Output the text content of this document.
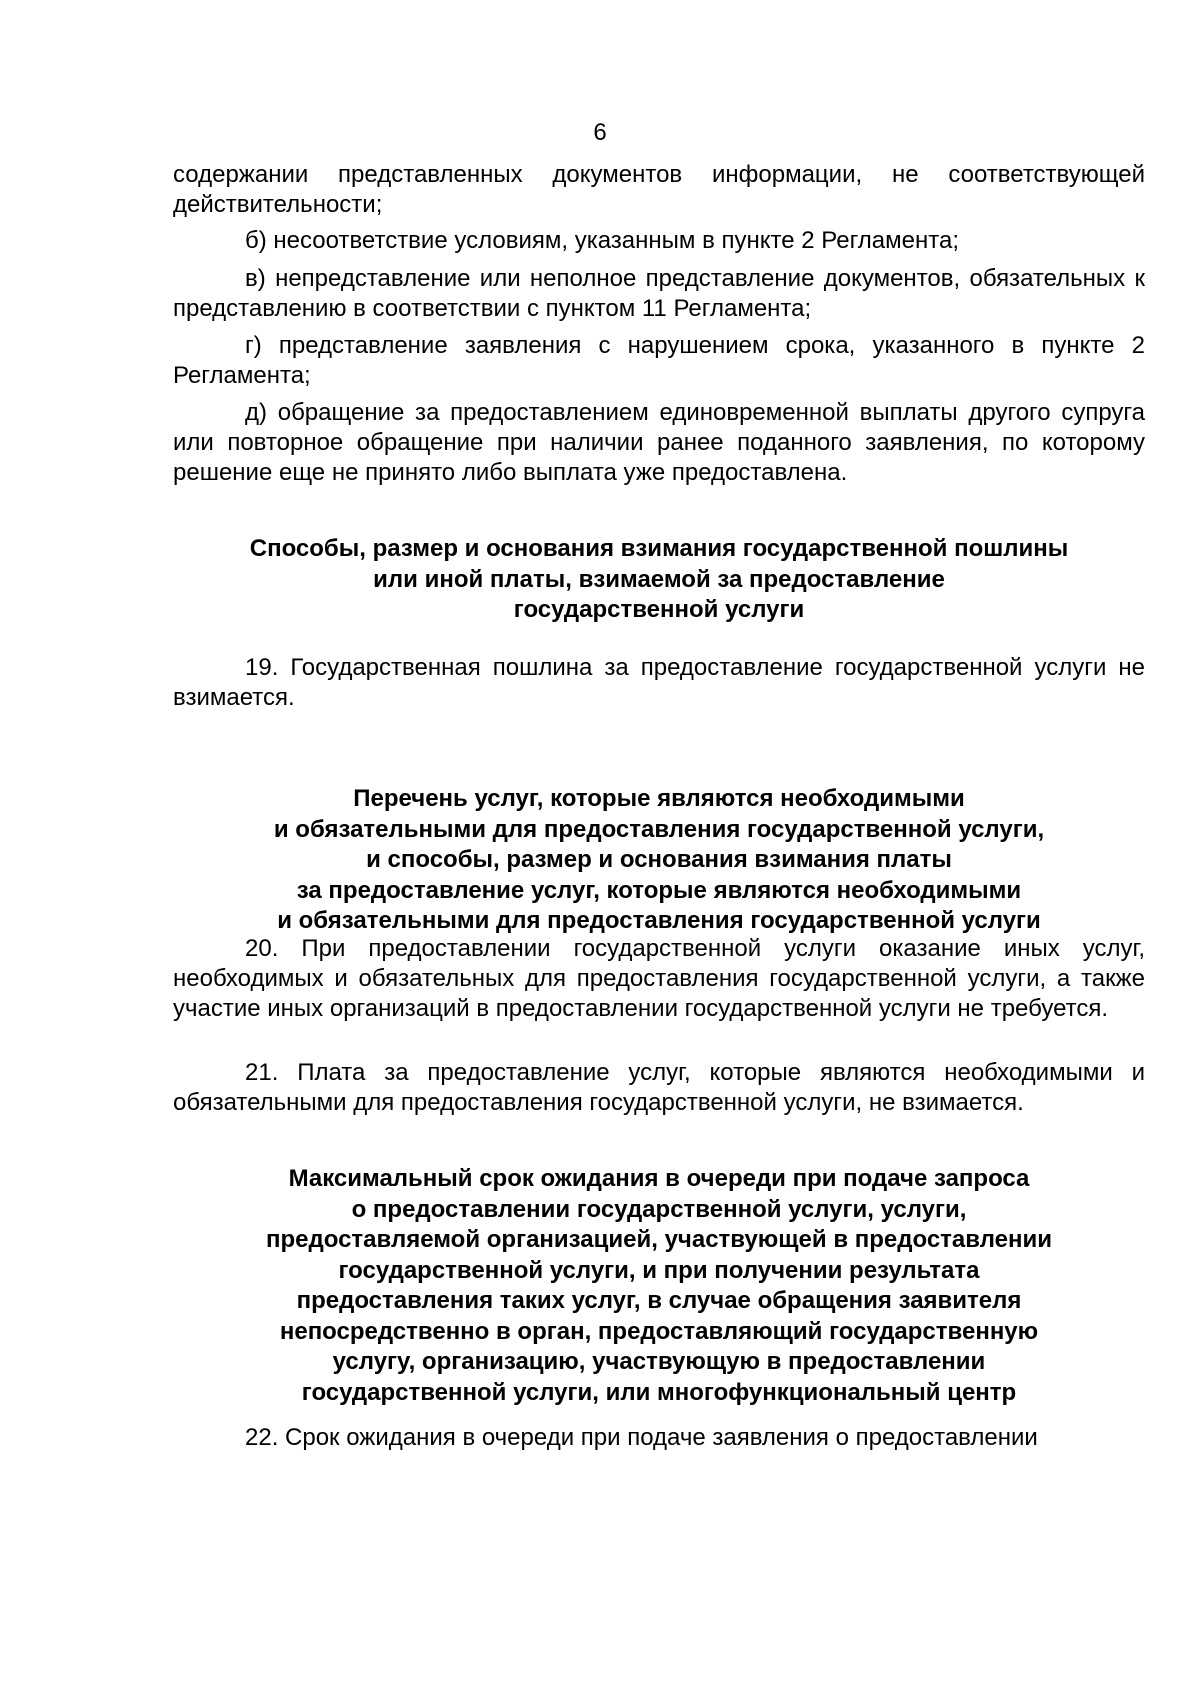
6

содержании представленных документов информации, не соответствующей действительности;

б) несоответствие условиям, указанным в пункте 2 Регламента;

в) непредставление или неполное представление документов, обязательных к представлению в соответствии с пунктом 11 Регламента;

г) представление заявления с нарушением срока, указанного в пункте 2 Регламента;

д) обращение за предоставлением единовременной выплаты другого супруга или повторное обращение при наличии ранее поданного заявления, по которому решение еще не принято либо выплата уже предоставлена.

Способы, размер и основания взимания государственной пошлины
или иной платы, взимаемой за предоставление
государственной услуги

19. Государственная пошлина за предоставление государственной услуги не взимается.

Перечень услуг, которые являются необходимыми
и обязательными для предоставления государственной услуги,
и способы, размер и основания взимания платы
за предоставление услуг, которые являются необходимыми
и обязательными для предоставления государственной услуги

20. При предоставлении государственной услуги оказание иных услуг, необходимых и обязательных для предоставления государственной услуги, а также участие иных организаций в предоставлении государственной услуги не требуется.

21. Плата за предоставление услуг, которые являются необходимыми и обязательными для предоставления государственной услуги, не взимается.

Максимальный срок ожидания в очереди при подаче запроса
о предоставлении государственной услуги, услуги,
предоставляемой организацией, участвующей в предоставлении
государственной услуги, и при получении результата
предоставления таких услуг, в случае обращения заявителя
непосредственно в орган, предоставляющий государственную
услугу, организацию, участвующую в предоставлении
государственной услуги, или многофункциональный центр

22. Срок ожидания в очереди при подаче заявления о предоставлении
